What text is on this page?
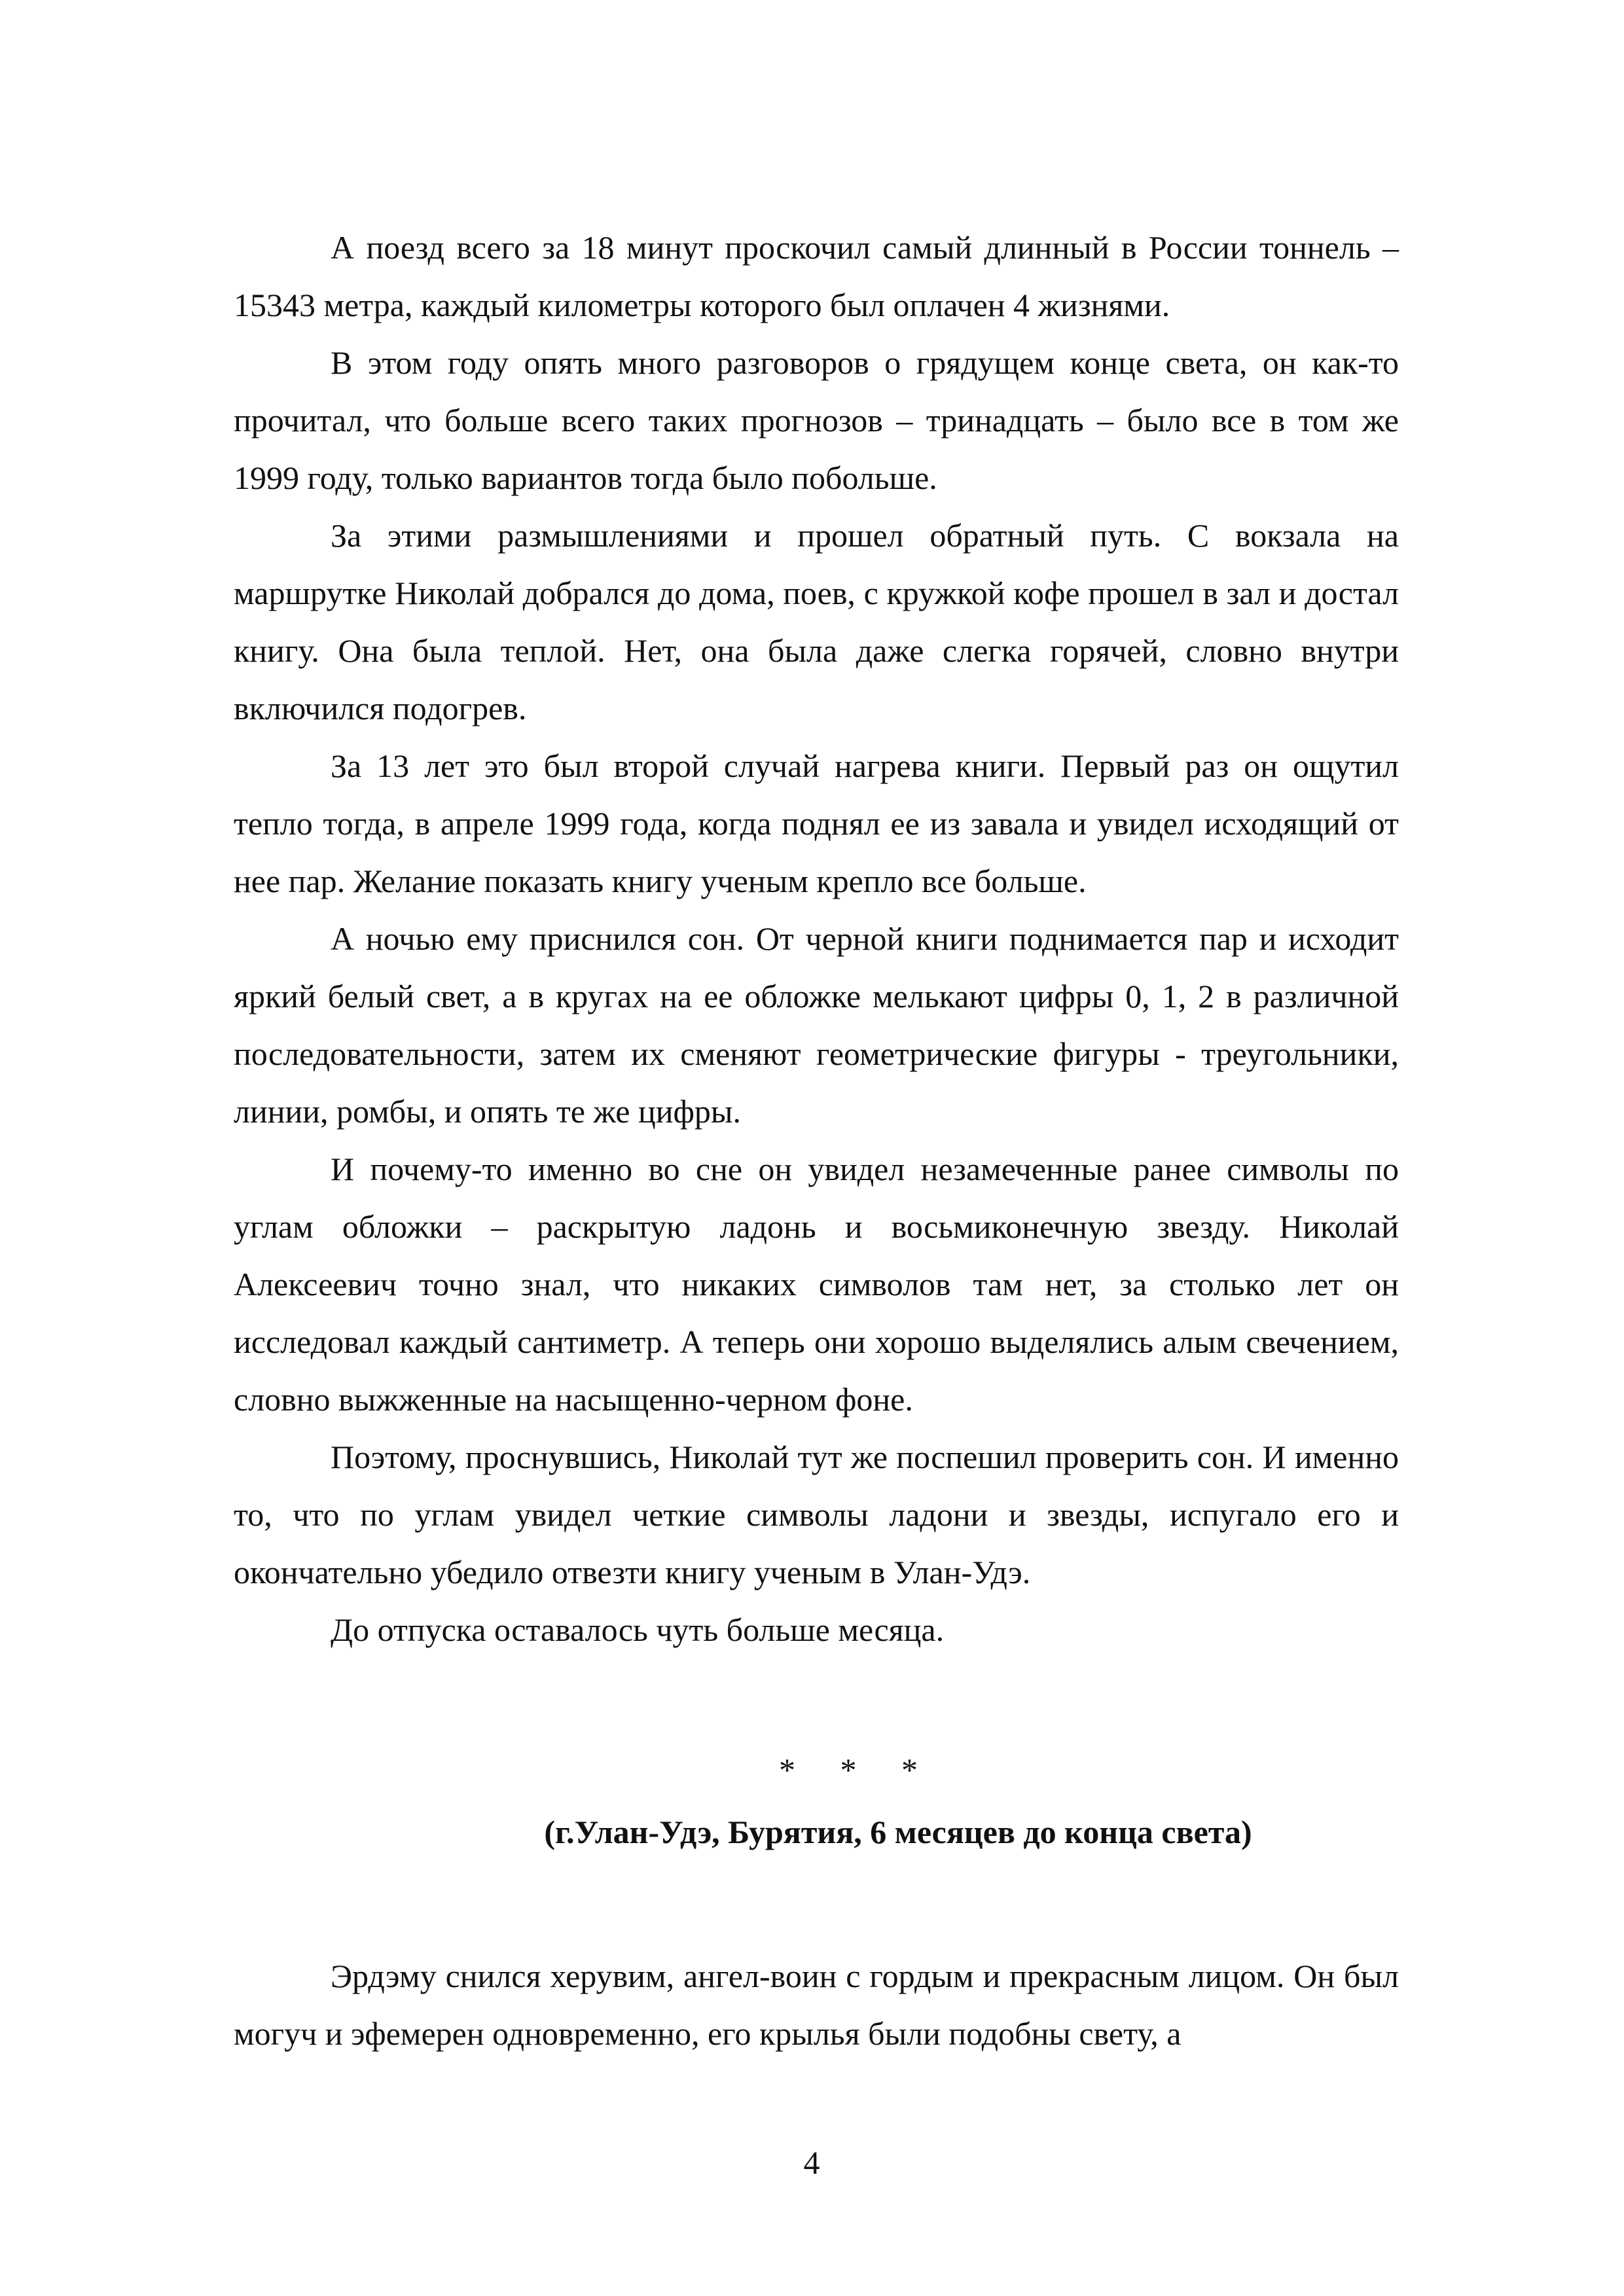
А поезд всего за 18 минут проскочил самый длинный в России тоннель – 15343 метра, каждый километры которого был оплачен 4 жизнями.

В этом году опять много разговоров о грядущем конце света, он как-то прочитал, что больше всего таких прогнозов – тринадцать – было все в том же 1999 году, только вариантов тогда было побольше.

За этими размышлениями и прошел обратный путь. С вокзала на маршрутке Николай добрался до дома, поев, с кружкой кофе прошел в зал и достал книгу. Она была теплой. Нет, она была даже слегка горячей, словно внутри включился подогрев.

За 13 лет это был второй случай нагрева книги. Первый раз он ощутил тепло тогда, в апреле 1999 года, когда поднял ее из завала и увидел исходящий от нее пар. Желание показать книгу ученым крепло все больше.

А ночью ему приснился сон. От черной книги поднимается пар и исходит яркий белый свет, а в кругах на ее обложке мелькают цифры 0, 1, 2 в различной последовательности, затем их сменяют геометрические фигуры - треугольники, линии, ромбы, и опять те же цифры.

И почему-то именно во сне он увидел незамеченные ранее символы по углам обложки – раскрытую ладонь и восьмиконечную звезду. Николай Алексеевич точно знал, что никаких символов там нет, за столько лет он исследовал каждый сантиметр. А теперь они хорошо выделялись алым свечением, словно выжженные на насыщенно-черном фоне.

Поэтому, проснувшись, Николай тут же поспешил проверить сон. И именно то, что по углам увидел четкие символы ладони и звезды, испугало его и окончательно убедило отвезти книгу ученым в Улан-Удэ.

До отпуска оставалось чуть больше месяца.

* * *
(г.Улан-Удэ, Бурятия, 6 месяцев до конца света)

Эрдэму снился херувим, ангел-воин с гордым и прекрасным лицом. Он был могуч и эфемерен одновременно, его крылья были подобны свету, а

4
